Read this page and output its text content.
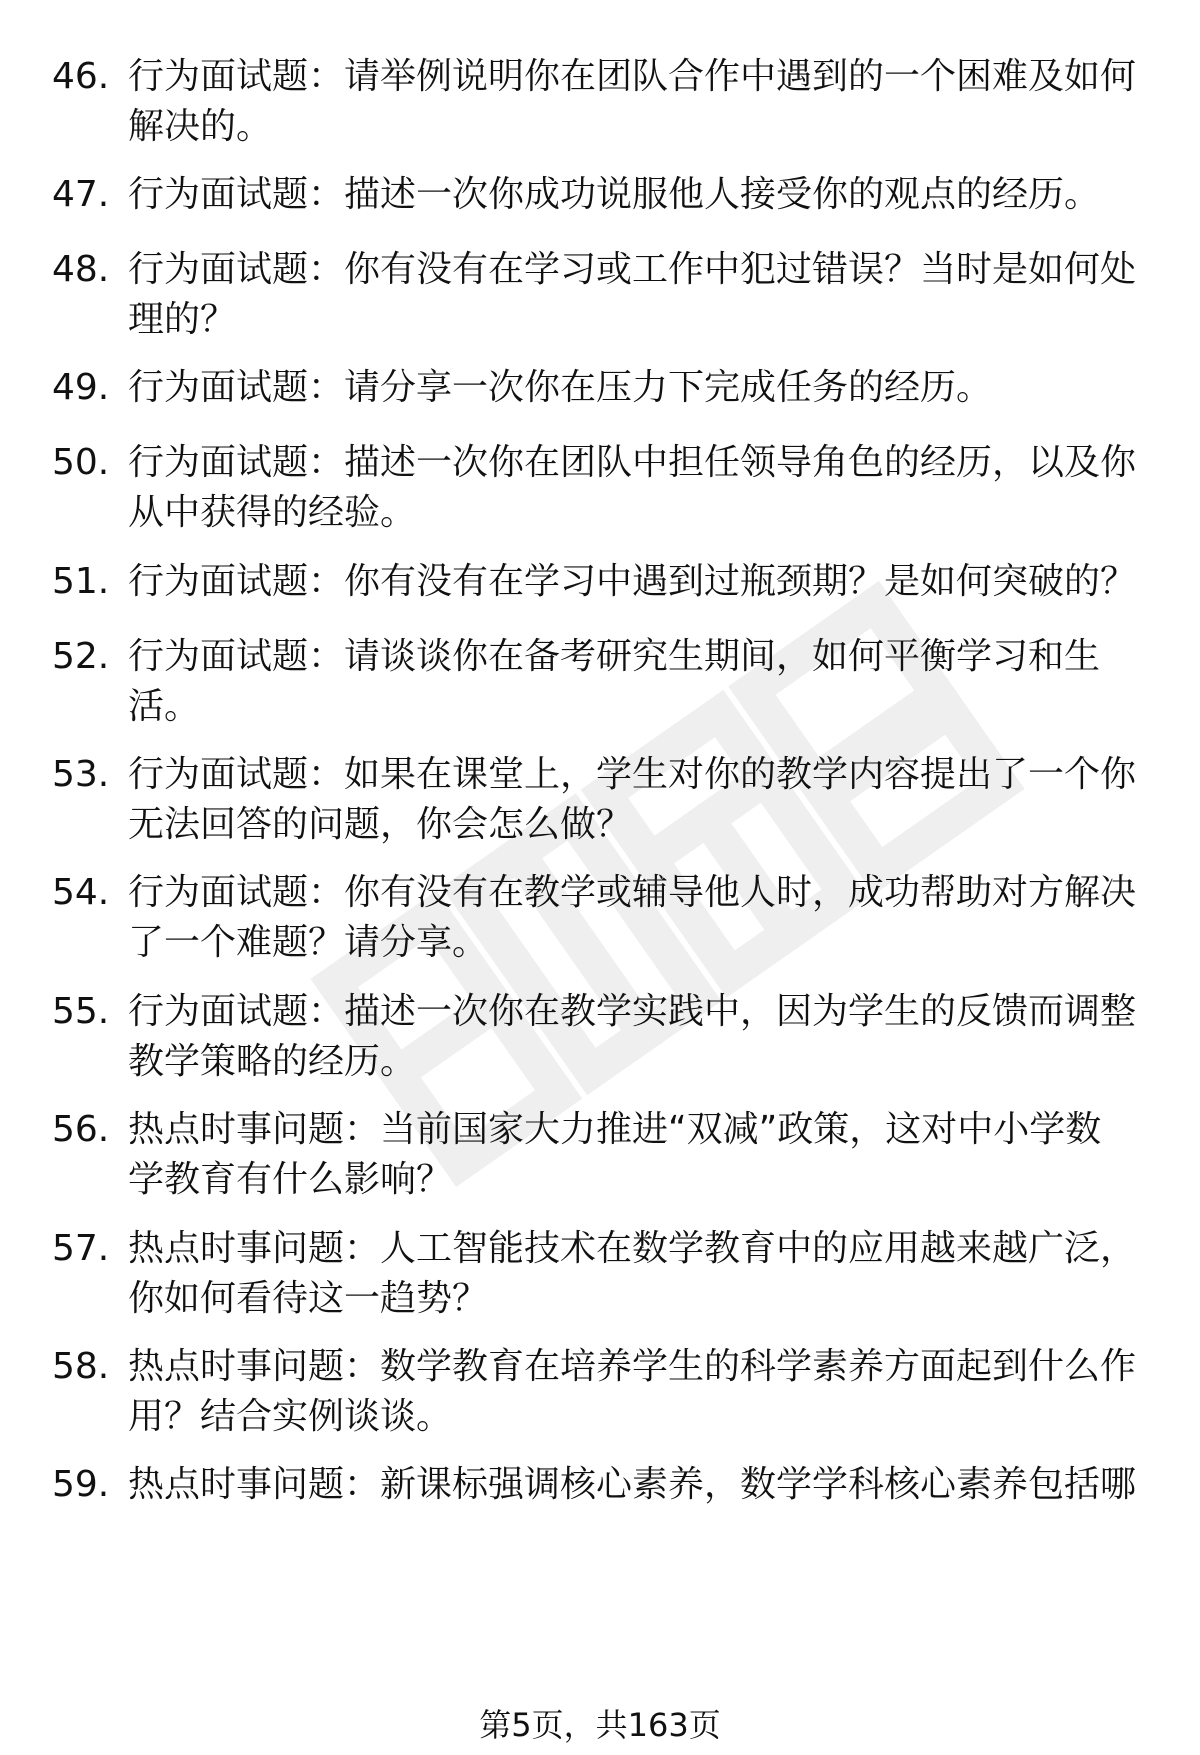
46. 行为面试题：请举例说明你在团队合作中遇到的一个困难及如何
解决的。
47. 行为面试题：描述一次你成功说服他人接受你的观点的经历。
48. 行为面试题：你有没有在学习或工作中犯过错误？当时是如何处
理的？
49. 行为面试题：请分享一次你在压力下完成任务的经历。
50. 行为面试题：描述一次你在团队中担任领导角色的经历，以及你
从中获得的经验。
51. 行为面试题：你有没有在学习中遇到过瓶颈期？是如何突破的？
52. 行为面试题：请谈谈你在备考研究生期间，如何平衡学习和生
活。
53. 行为面试题：如果在课堂上，学生对你的教学内容提出了一个你
无法回答的问题，你会怎么做？
54. 行为面试题：你有没有在教学或辅导他人时，成功帮助对方解决
了一个难题？请分享。
55. 行为面试题：描述一次你在教学实践中，因为学生的反馈而调整
教学策略的经历。
56. 热点时事问题：当前国家大力推进“双减”政策，这对中小学数
学教育有什么影响？
57. 热点时事问题：人工智能技术在数学教育中的应用越来越广泛，
你如何看待这一趋势？
58. 热点时事问题：数学教育在培养学生的科学素养方面起到什么作
用？结合实例谈谈。
59. 热点时事问题：新课标强调核心素养，数学学科核心素养包括哪
第5页，共163页
